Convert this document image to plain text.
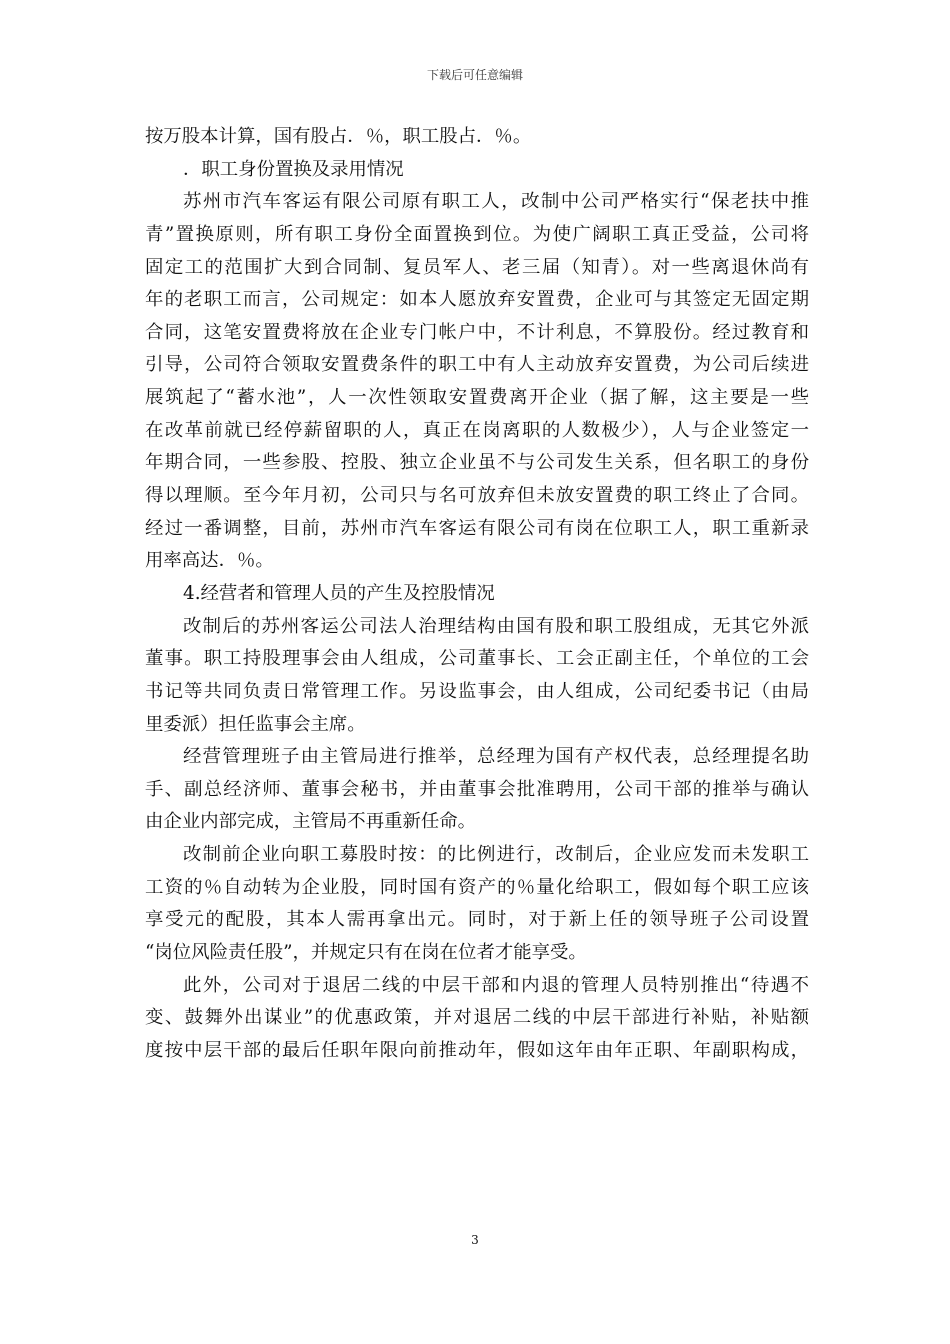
下载后可任意编辑
按万股本计算，国有股占．％，职工股占．％。
．职工身份置换及录用情况
苏州市汽车客运有限公司原有职工人，改制中公司严格实行“保老扶中推
青”置换原则，所有职工身份全面置换到位。为使广阔职工真正受益，公司将
固定工的范围扩大到合同制、复员军人、老三届（知青）。对一些离退休尚有
年的老职工而言，公司规定：如本人愿放弃安置费，企业可与其签定无固定期
合同，这笔安置费将放在企业专门帐户中，不计利息，不算股份。经过教育和
引导，公司符合领取安置费条件的职工中有人主动放弃安置费，为公司后续进
展筑起了“蓄水池”，人一次性领取安置费离开企业（据了解，这主要是一些
在改革前就已经停薪留职的人，真正在岗离职的人数极少），人与企业签定一
年期合同，一些参股、控股、独立企业虽不与公司发生关系，但名职工的身份
得以理顺。至今年月初，公司只与名可放弃但未放安置费的职工终止了合同。
经过一番调整，目前，苏州市汽车客运有限公司有岗在位职工人，职工重新录
用率高达．％。
4.经营者和管理人员的产生及控股情况
改制后的苏州客运公司法人治理结构由国有股和职工股组成，无其它外派
董事。职工持股理事会由人组成，公司董事长、工会正副主任，个单位的工会
书记等共同负责日常管理工作。另设监事会，由人组成，公司纪委书记（由局
里委派）担任监事会主席。
经营管理班子由主管局进行推举，总经理为国有产权代表，总经理提名助
手、副总经济师、董事会秘书，并由董事会批准聘用，公司干部的推举与确认
由企业内部完成，主管局不再重新任命。
改制前企业向职工募股时按：的比例进行，改制后，企业应发而未发职工
工资的％自动转为企业股，同时国有资产的％量化给职工，假如每个职工应该
享受元的配股，其本人需再拿出元。同时，对于新上任的领导班子公司设置
“岗位风险责任股”，并规定只有在岗在位者才能享受。
此外，公司对于退居二线的中层干部和内退的管理人员特别推出“待遇不
变、鼓舞外出谋业”的优惠政策，并对退居二线的中层干部进行补贴，补贴额
度按中层干部的最后任职年限向前推动年，假如这年由年正职、年副职构成，
3
